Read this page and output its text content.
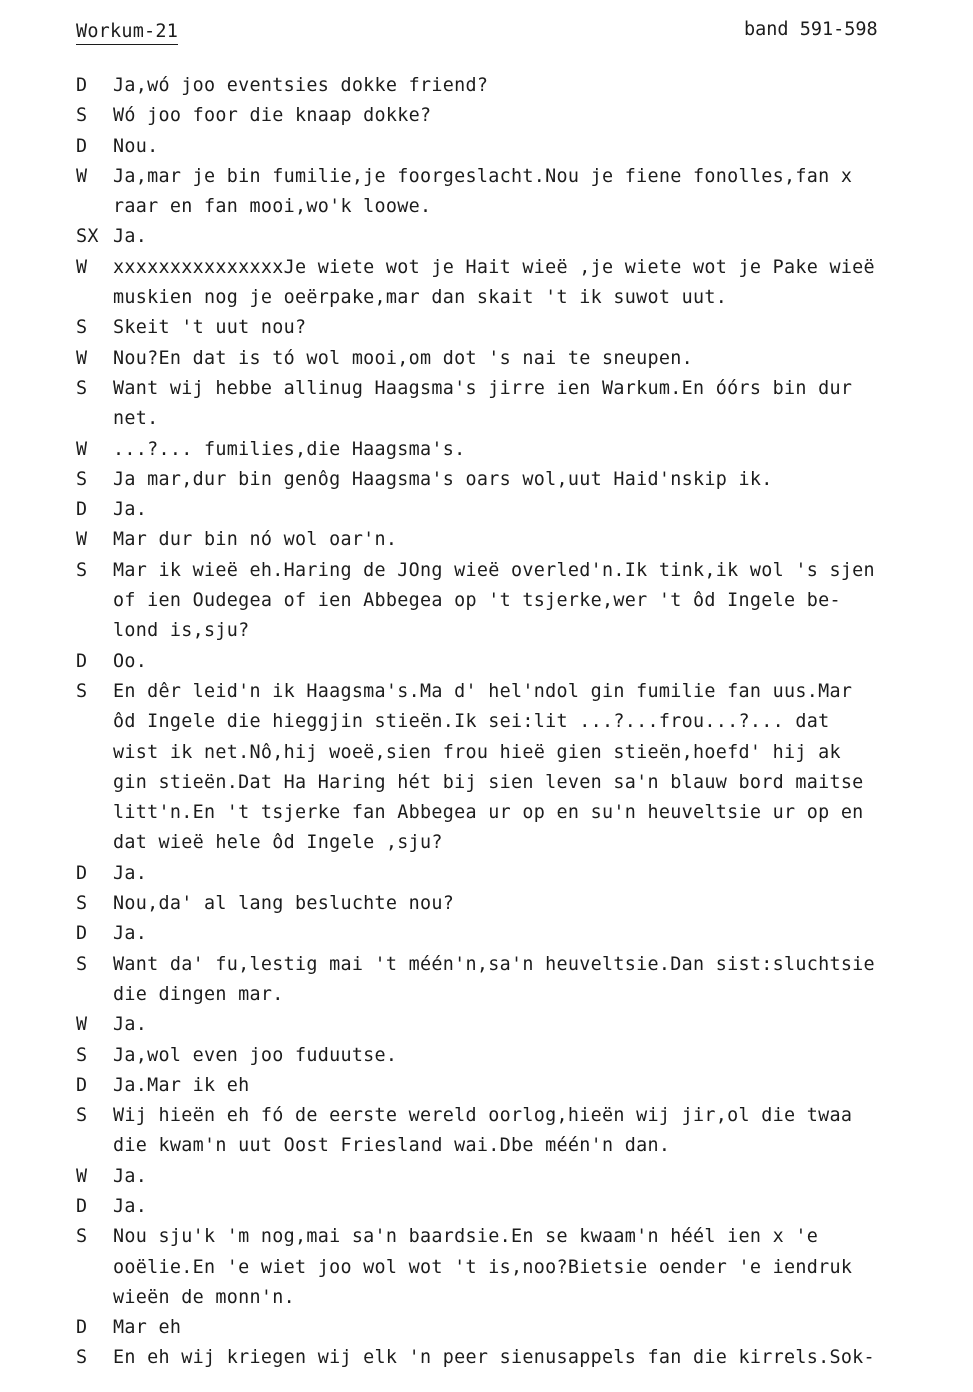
Workum-21	band 591-598
D Ja,wó joo eventsies dokke friend?
S Wó joo foor die knaap dokke?
D Nou.
W Ja,mar je bin fumilie,je foorgeslacht.Nou je fiene fonolles,fan x
raar en fan mooi,wo'k loowe.
SX Ja.
W xxxxxxxxxxxxxxxJe wiete wot je Hait wieë ,je wiete wot je Pake wieë
muskien nog je oeërpake,mar dan skait 't ik suwot uut.
S Skeit 't uut nou?
W Nou?En dat is tó wol mooi,om dot 's nai te sneupen.
S Want wij hebbe allinug Haagsma's jirre ien Warkum.En óórs bin dur
net.
W ...?... fumilies,die Haagsma's.
S Ja mar,dur bin genôg Haagsma's oars wol,uut Haid'nskip ik.
D Ja.
W Mar dur bin nó wol oar'n.
S Mar ik wieë eh.Haring de JOng wieë overled'n.Ik tink,ik wol 's sjen
of ien Oudegea of ien Abbegea op 't tsjerke,wer 't ôd Ingele be-
lond is,sju?
D Oo.
S En dêr leid'n ik Haagsma's.Ma d' hel'ndol gin fumilie fan uus.Mar
ôd Ingele die hieggjin stieën.Ik sei:lit ...?...frou...?... dat
wist ik net.Nô,hij woeë,sien frou hieë gien stieën,hoefd' hij ak
gin stieën.Dat Ha Haring hét bij sien leven sa'n blauw bord maitse
litt'n.En 't tsjerke fan Abbegea ur op en su'n heuveltsie ur op en
dat wieë hele ôd Ingele ,sju?
D Ja.
S Nou,da' al lang besluchte nou?
D Ja.
S Want da' fu,lestig mai 't méén'n,sa'n heuveltsie.Dan sist:sluchtsie
die dingen mar.
W Ja.
S Ja,wol even joo fuduutse.
D Ja.Mar ik eh
S Wij hieën eh fó de eerste wereld oorlog,hieën wij jir,ol die twaa
die kwam'n uut Oost Friesland wai.Dbe méén'n dan.
W Ja.
D Ja.
S Nou sju'k 'm nog,mai sa'n baardsie.En se kwaam'n héél ien x 'e
ooëlie.En 'e wiet joo wol wot 't is,noo?Bietsie oender 'e iendruk
wieën de monn'n.
D Mar eh
S En eh wij kriegen wij elk 'n peer sienusappels fan die kirrels.Sok-
